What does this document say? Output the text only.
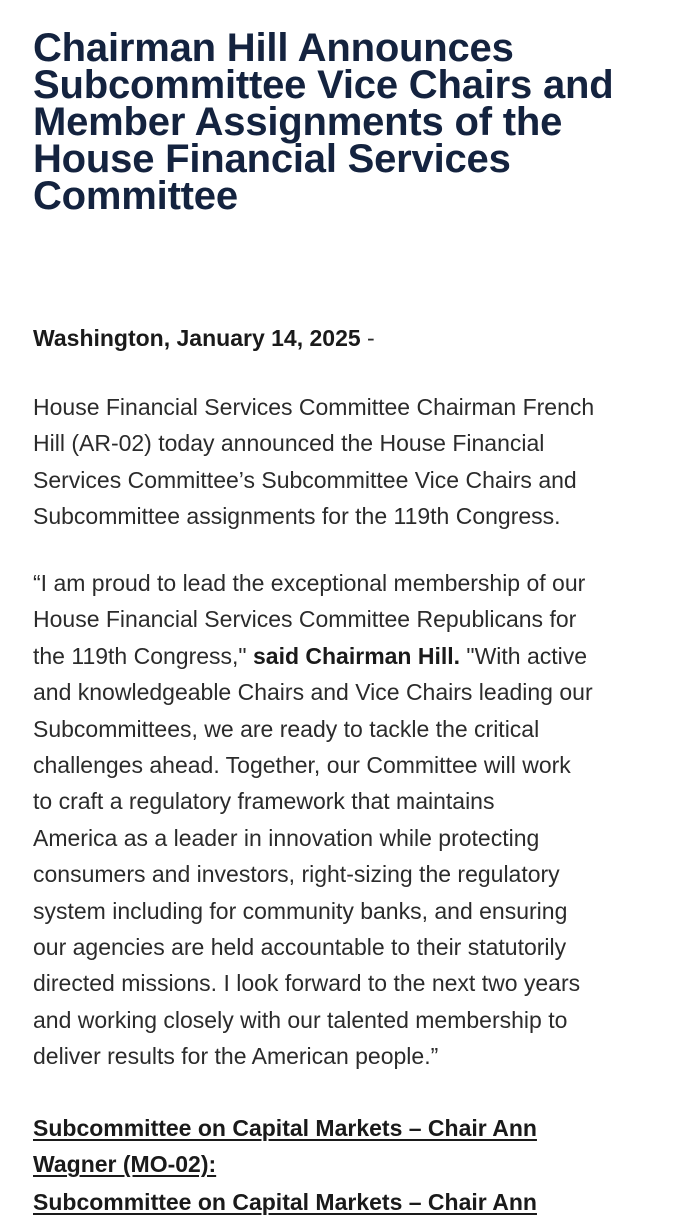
Chairman Hill Announces
Subcommittee Vice Chairs and
Member Assignments of the
House Financial Services
Committee
Washington, January 14, 2025 -
House Financial Services Committee Chairman French
Hill (AR-02) today announced the House Financial
Services Committee’s Subcommittee Vice Chairs and
Subcommittee assignments for the 119th Congress.
“I am proud to lead the exceptional membership of our
House Financial Services Committee Republicans for
the 119th Congress," said Chairman Hill. "With active
and knowledgeable Chairs and Vice Chairs leading our
Subcommittees, we are ready to tackle the critical
challenges ahead. Together, our Committee will work
to craft a regulatory framework that maintains
America as a leader in innovation while protecting
consumers and investors, right-sizing the regulatory
system including for community banks, and ensuring
our agencies are held accountable to their statutorily
directed missions. I look forward to the next two years
and working closely with our talented membership to
deliver results for the American people.”
Subcommittee on Capital Markets – Chair Ann
Wagner (MO-02):
Subcommittee on Capital Markets – Chair Ann
